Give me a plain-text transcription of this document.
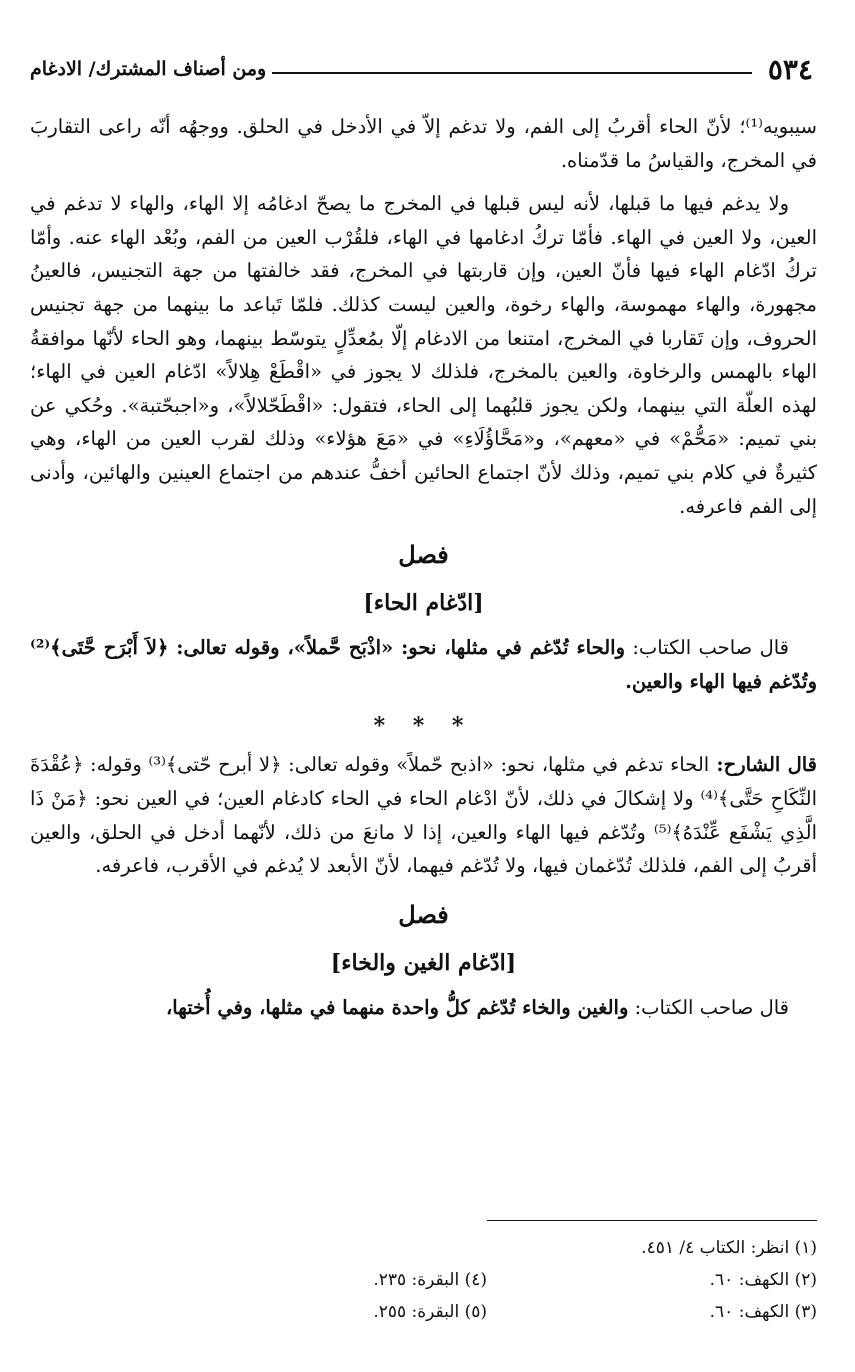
٥٣٤
ومن أصناف المشترك/ الادغام

سيبويه⁽¹⁾؛ لأنّ الحاء أقربُ إلى الفم، ولا تدغم إلاّ في الأدخل في الحلق. ووجهُه أنّه راعى التقاربَ في المخرج، والقياسُ ما قدّمناه.

ولا يدغم فيها ما قبلها، لأنه ليس قبلها في المخرج ما يصحّ ادغامُه إلا الهاء، والهاء لا تدغم في العين، ولا العين في الهاء. فأمّا تركُ ادغامها في الهاء، فلقُرْب العين من الفم، وبُعْد الهاء عنه. وأمّا تركُ ادّغام الهاء فيها فأنّ العين، وإن قاربتها في المخرج، فقد خالفتها من جهة التجنيس، فالعينُ مجهورة، والهاء مهموسة، والهاء رخوة، والعين ليست كذلك. فلمّا تَباعد ما بينهما من جهة تجنيس الحروف، وإن تَقاربا في المخرج، امتنعا من الادغام إلّا بمُعدِّلٍ يتوسّط بينهما، وهو الحاء لأنّها موافقةُ الهاء بالهمس والرخاوة، والعين بالمخرج، فلذلك لا يجوز في «اقْطَعْ هِلالاً» ادّغام العين في الهاء؛ لهذه العلّة التي بينهما، ولكن يجوز قلبُهما إلى الحاء، فتقول: «اقْطَحّلالاً»، و«اجبحّتبة». وحُكي عن بني تميم: «مَحُّمْ» في «معهم»، و«مَحَّاؤُلَاءِ» في «مَعَ هؤلاء» وذلك لقرب العين من الهاء، وهي كثيرةٌ في كلام بني تميم، وذلك لأنّ اجتماع الحائين أخفُّ عندهم من اجتماع العينين والهائين، وأدنى إلى الفم فاعرفه.

فصل
[ادّغام الحاء]

قال صاحب الكتاب: والحاء تُدّغم في مثلها، نحو: «اذْبَح حَّملاً»، وقوله تعالى: ﴿لاَ أَبْرَح حَّتَى﴾⁽²⁾ وتُدّغم فيها الهاء والعين.

* * *

قال الشارح: الحاء تدغم في مثلها، نحو: «اذبح حّملاً» وقوله تعالى: ﴿لا أبرح حّتى﴾⁽³⁾ وقوله: ﴿عُقْدَةَ النِّكَاحِ حَتَّى﴾⁽⁴⁾ ولا إشكالَ في ذلك، لأنّ ادْغام الحاء في الحاء كادغام العين؛ في العين نحو: ﴿مَنْ ذَا الَّذِي يَشْفَع عِّنْدَهُ﴾⁽⁵⁾ وتُدّغم فيها الهاء والعين، إذا لا مانعَ من ذلك، لأنّهما أدخل في الحلق، والعين أقربُ إلى الفم، فلذلك تُدّغمان فيها، ولا تُدّغم فيهما، لأنّ الأبعد لا يُدغم في الأقرب، فاعرفه.

فصل
[ادّغام الغين والخاء]

قال صاحب الكتاب: والغين والخاء تُدّغم كلُّ واحدة منهما في مثلها، وفي أُختها،

(١) انظر: الكتاب ٤/ ٤٥١.
(٢) الكهف: ٦٠.
(٤) البقرة: ٢٣٥.
(٣) الكهف: ٦٠.
(٥) البقرة: ٢٥٥.
